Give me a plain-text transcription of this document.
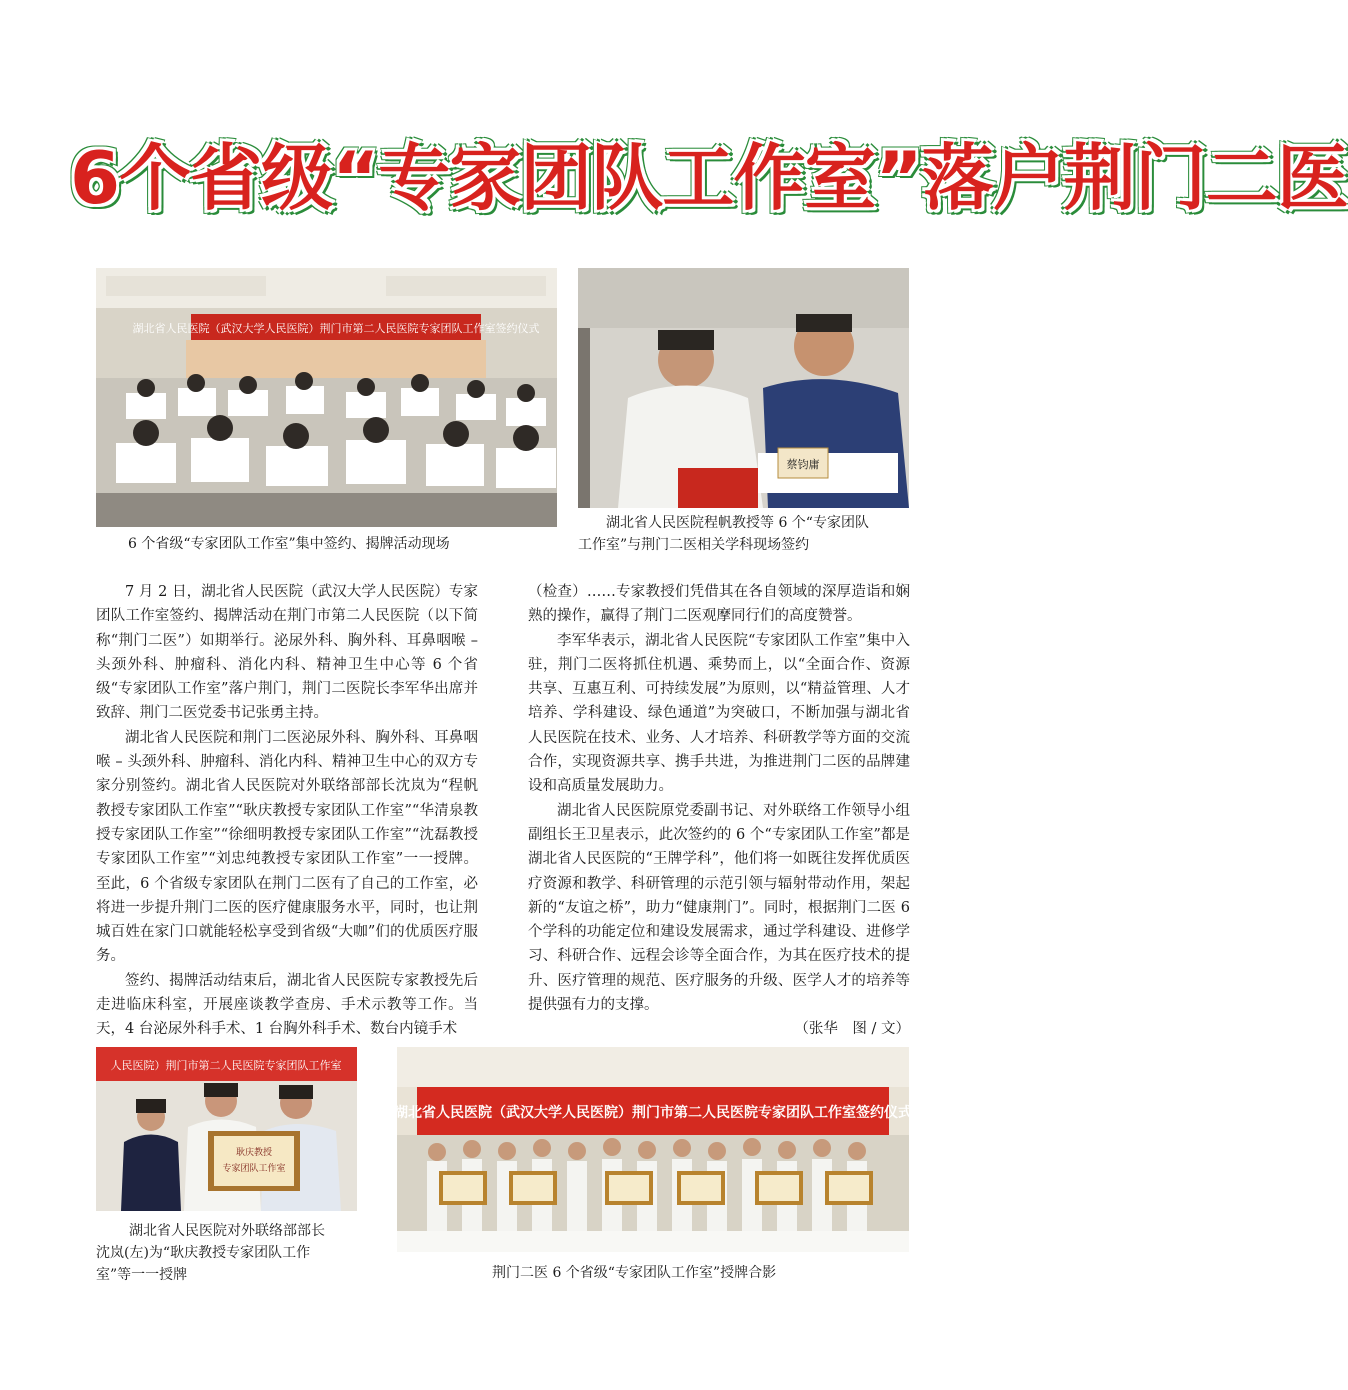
6个省级“专家团队工作室”落户荆门二医
湖北省人民医院（武汉大学人民医院）荆门市第二人民医院专家团队工作室签约仪式
6 个省级“专家团队工作室”集中签约、揭牌活动现场
蔡钧庸
湖北省人民医院程帆教授等 6 个“专家团队
工作室”与荆门二医相关学科现场签约

7 月 2 日，湖北省人民医院（武汉大学人民医院）专家团队工作室签约、揭牌活动在荆门市第二人民医院（以下简称“荆门二医”）如期举行。泌尿外科、胸外科、耳鼻咽喉 – 头颈外科、肿瘤科、消化内科、精神卫生中心等 6 个省级“专家团队工作室”落户荆门，荆门二医院长李军华出席并致辞、荆门二医党委书记张勇主持。

湖北省人民医院和荆门二医泌尿外科、胸外科、耳鼻咽喉 – 头颈外科、肿瘤科、消化内科、精神卫生中心的双方专家分别签约。湖北省人民医院对外联络部部长沈岚为“程帆教授专家团队工作室”“耿庆教授专家团队工作室”“华清泉教授专家团队工作室”“徐细明教授专家团队工作室”“沈磊教授专家团队工作室”“刘忠纯教授专家团队工作室”一一授牌。至此，6 个省级专家团队在荆门二医有了自己的工作室，必将进一步提升荆门二医的医疗健康服务水平，同时，也让荆城百姓在家门口就能轻松享受到省级“大咖”们的优质医疗服务。

签约、揭牌活动结束后，湖北省人民医院专家教授先后走进临床科室，开展座谈教学查房、手术示教等工作。当天，4 台泌尿外科手术、1 台胸外科手术、数台内镜手术

（检查）……专家教授们凭借其在各自领域的深厚造诣和娴熟的操作，赢得了荆门二医观摩同行们的高度赞誉。

李军华表示，湖北省人民医院“专家团队工作室”集中入驻，荆门二医将抓住机遇、乘势而上，以“全面合作、资源共享、互惠互利、可持续发展”为原则，以“精益管理、人才培养、学科建设、绿色通道”为突破口，不断加强与湖北省人民医院在技术、业务、人才培养、科研教学等方面的交流合作，实现资源共享、携手共进，为推进荆门二医的品牌建设和高质量发展助力。

湖北省人民医院原党委副书记、对外联络工作领导小组副组长王卫星表示，此次签约的 6 个“专家团队工作室”都是湖北省人民医院的“王牌学科”，他们将一如既往发挥优质医疗资源和教学、科研管理的示范引领与辐射带动作用，架起新的“友谊之桥”，助力“健康荆门”。同时，根据荆门二医 6 个学科的功能定位和建设发展需求，通过学科建设、进修学习、科研合作、远程会诊等全面合作，为其在医疗技术的提升、医疗管理的规范、医疗服务的升级、医学人才的培养等提供强有力的支撑。

（张华　图 / 文）

人民医院）荆门市第二人民医院专家团队工作室
耿庆教授
专家团队工作室
湖北省人民医院对外联络部部长
沈岚(左)为“耿庆教授专家团队工作
室”等一一授牌
湖北省人民医院（武汉大学人民医院）荆门市第二人民医院专家团队工作室签约仪式
荆门二医 6 个省级“专家团队工作室”授牌合影
